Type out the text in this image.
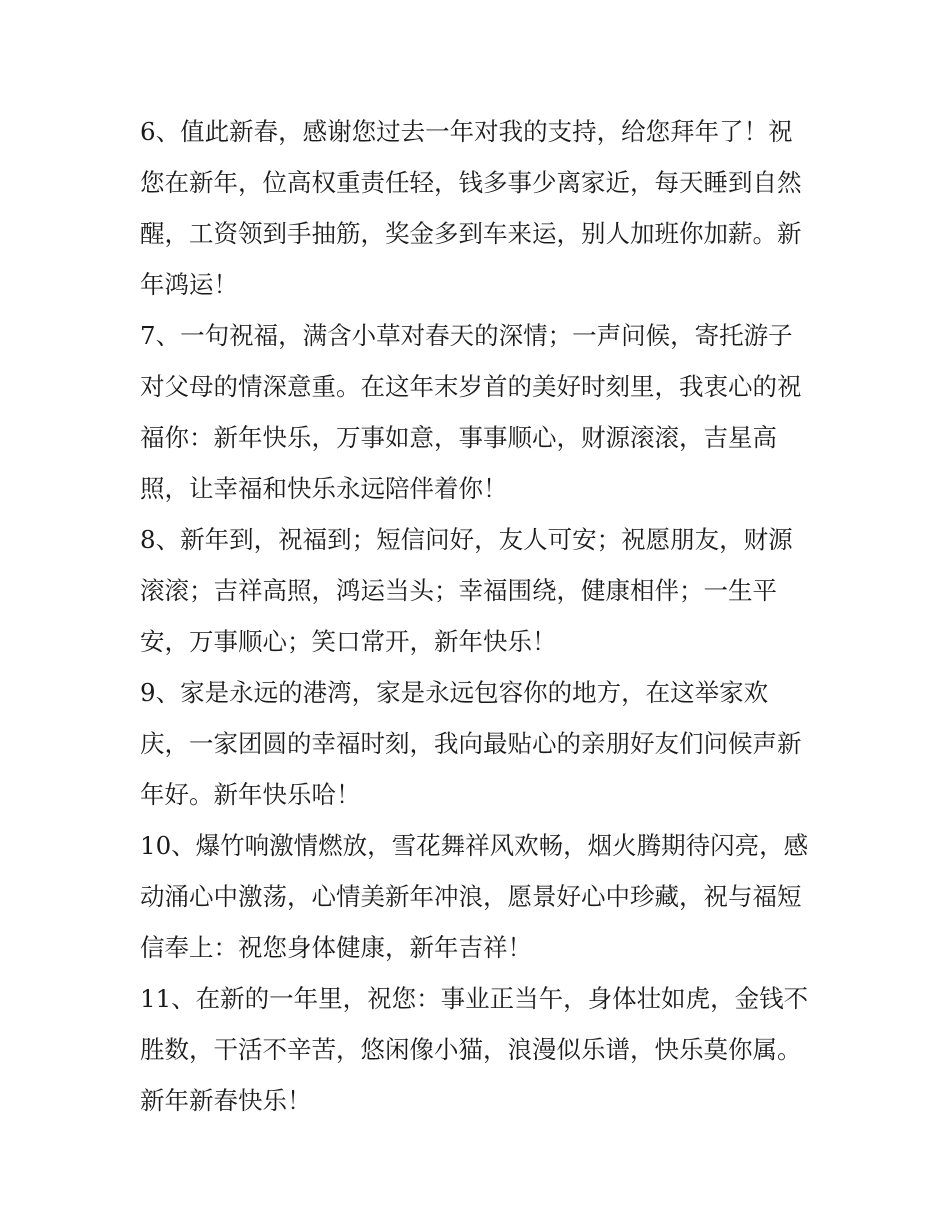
6、值此新春，感谢您过去一年对我的支持，给您拜年了！祝
您在新年，位高权重责任轻，钱多事少离家近，每天睡到自然
醒，工资领到手抽筋，奖金多到车来运，别人加班你加薪。新
年鸿运！
7、一句祝福，满含小草对春天的深情；一声问候，寄托游子
对父母的情深意重。在这年末岁首的美好时刻里，我衷心的祝
福你：新年快乐，万事如意，事事顺心，财源滚滚，吉星高
照，让幸福和快乐永远陪伴着你！
8、新年到，祝福到；短信问好，友人可安；祝愿朋友，财源
滚滚；吉祥高照，鸿运当头；幸福围绕，健康相伴；一生平
安，万事顺心；笑口常开，新年快乐！
9、家是永远的港湾，家是永远包容你的地方，在这举家欢
庆，一家团圆的幸福时刻，我向最贴心的亲朋好友们问候声新
年好。新年快乐哈！
10、爆竹响激情燃放，雪花舞祥风欢畅，烟火腾期待闪亮，感
动涌心中激荡，心情美新年冲浪，愿景好心中珍藏，祝与福短
信奉上：祝您身体健康，新年吉祥！
11、在新的一年里，祝您：事业正当午，身体壮如虎，金钱不
胜数，干活不辛苦，悠闲像小猫，浪漫似乐谱，快乐莫你属。
新年新春快乐！
